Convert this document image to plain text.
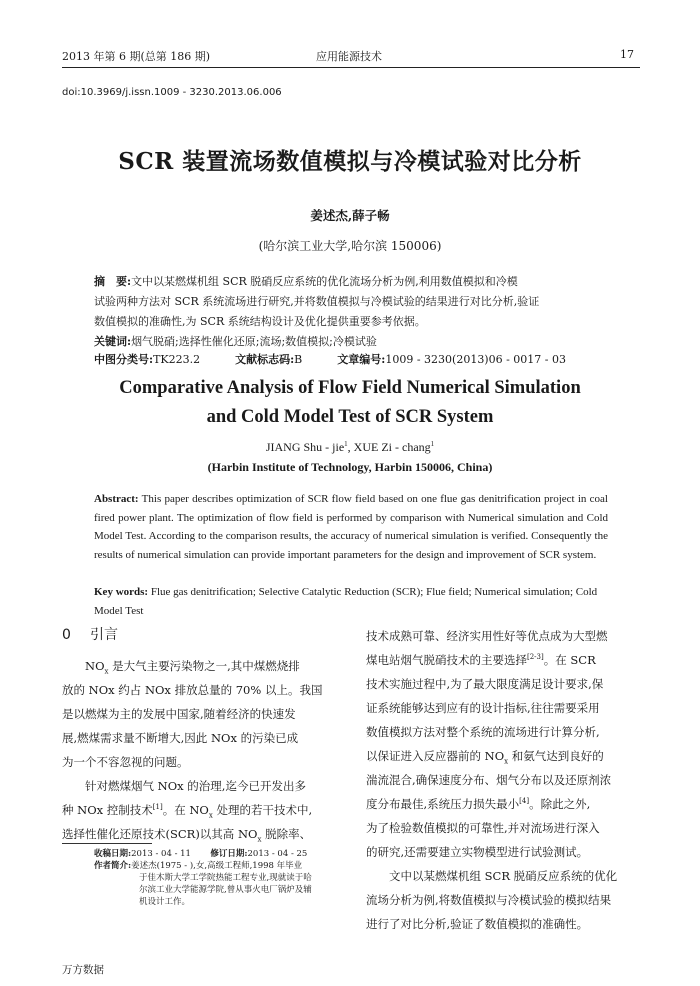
2013 年第 6 期(总第 186 期)	应用能源技术	17
doi:10.3969/j.issn.1009 - 3230.2013.06.006
SCR 装置流场数值模拟与冷模试验对比分析
姜述杰,薛子畅
(哈尔滨工业大学,哈尔滨 150006)
摘　要:文中以某燃煤机组 SCR 脱硝反应系统的优化流场分析为例,利用数值模拟和冷模
试验两种方法对 SCR 系统流场进行研究,并将数值模拟与冷模试验的结果进行对比分析,验证
数值模拟的准确性,为 SCR 系统结构设计及优化提供重要参考依据。
关键词:烟气脱硝;选择性催化还原;流场;数值模拟;冷模试验
中图分类号:TK223.2	文献标志码:B	文章编号:1009 - 3230(2013)06 - 0017 - 03
Comparative Analysis of Flow Field Numerical Simulation
and Cold Model Test of SCR System
JIANG Shu - jie$^1$, XUE Zi - chang$^1$
(Harbin Institute of Technology, Harbin 150006, China)
Abstract: This paper describes optimization of SCR flow field based on one flue gas denitrification project in coal fired power plant. The optimization of flow field is performed by comparison with Numerical simulation and Cold Model Test. According to the comparison results, the accuracy of numerical simulation is verified. Consequently the results of numerical simulation can provide important parameters for the design and improvement of SCR system.
Key words: Flue gas denitrification; Selective Catalytic Reduction (SCR); Flue field; Numerical simulation; Cold Model Test
0 引言
$NO_x$ 是大气主要污染物之一,其中煤燃烧排
放的 NOx 约占 NOx 排放总量的 70% 以上。我国
是以燃煤为主的发展中国家,随着经济的快速发
展,燃煤需求量不断增大,因此 NOx 的污染已成
为一个不容忽视的问题。
针对燃煤烟气 NOx 的治理,迄今已开发出多
种 NOx 控制技术[1]。在 $NO_x$ 处理的若干技术中,
选择性催化还原技术(SCR)以其高 $NO_x$ 脱除率、
收稿日期:2013 - 04 - 11 修订日期:2013 - 04 - 25
作者简介:姜述杰(1975 - ),女,高级工程师,1998 年毕业
于佳木斯大学工学院热能工程专业,现就读于哈
尔滨工业大学能源学院,曾从事火电厂锅炉及辅
机设计工作。
技术成熟可靠、经济实用性好等优点成为大型燃
煤电站烟气脱硝技术的主要选择[2-3]。在 SCR
技术实施过程中,为了最大限度满足设计要求,保
证系统能够达到应有的设计指标,往往需要采用
数值模拟方法对整个系统的流场进行计算分析,
以保证进入反应器前的 $NO_x$ 和氨气达到良好的
湍流混合,确保速度分布、烟气分布以及还原剂浓
度分布最佳,系统压力损失最小[4]。除此之外,
为了检验数值模拟的可靠性,并对流场进行深入
的研究,还需要建立实物模型进行试验测试。
文中以某燃煤机组 SCR 脱硝反应系统的优化
流场分析为例,将数值模拟与冷模试验的模拟结果
进行了对比分析,验证了数值模拟的准确性。
万方数据
